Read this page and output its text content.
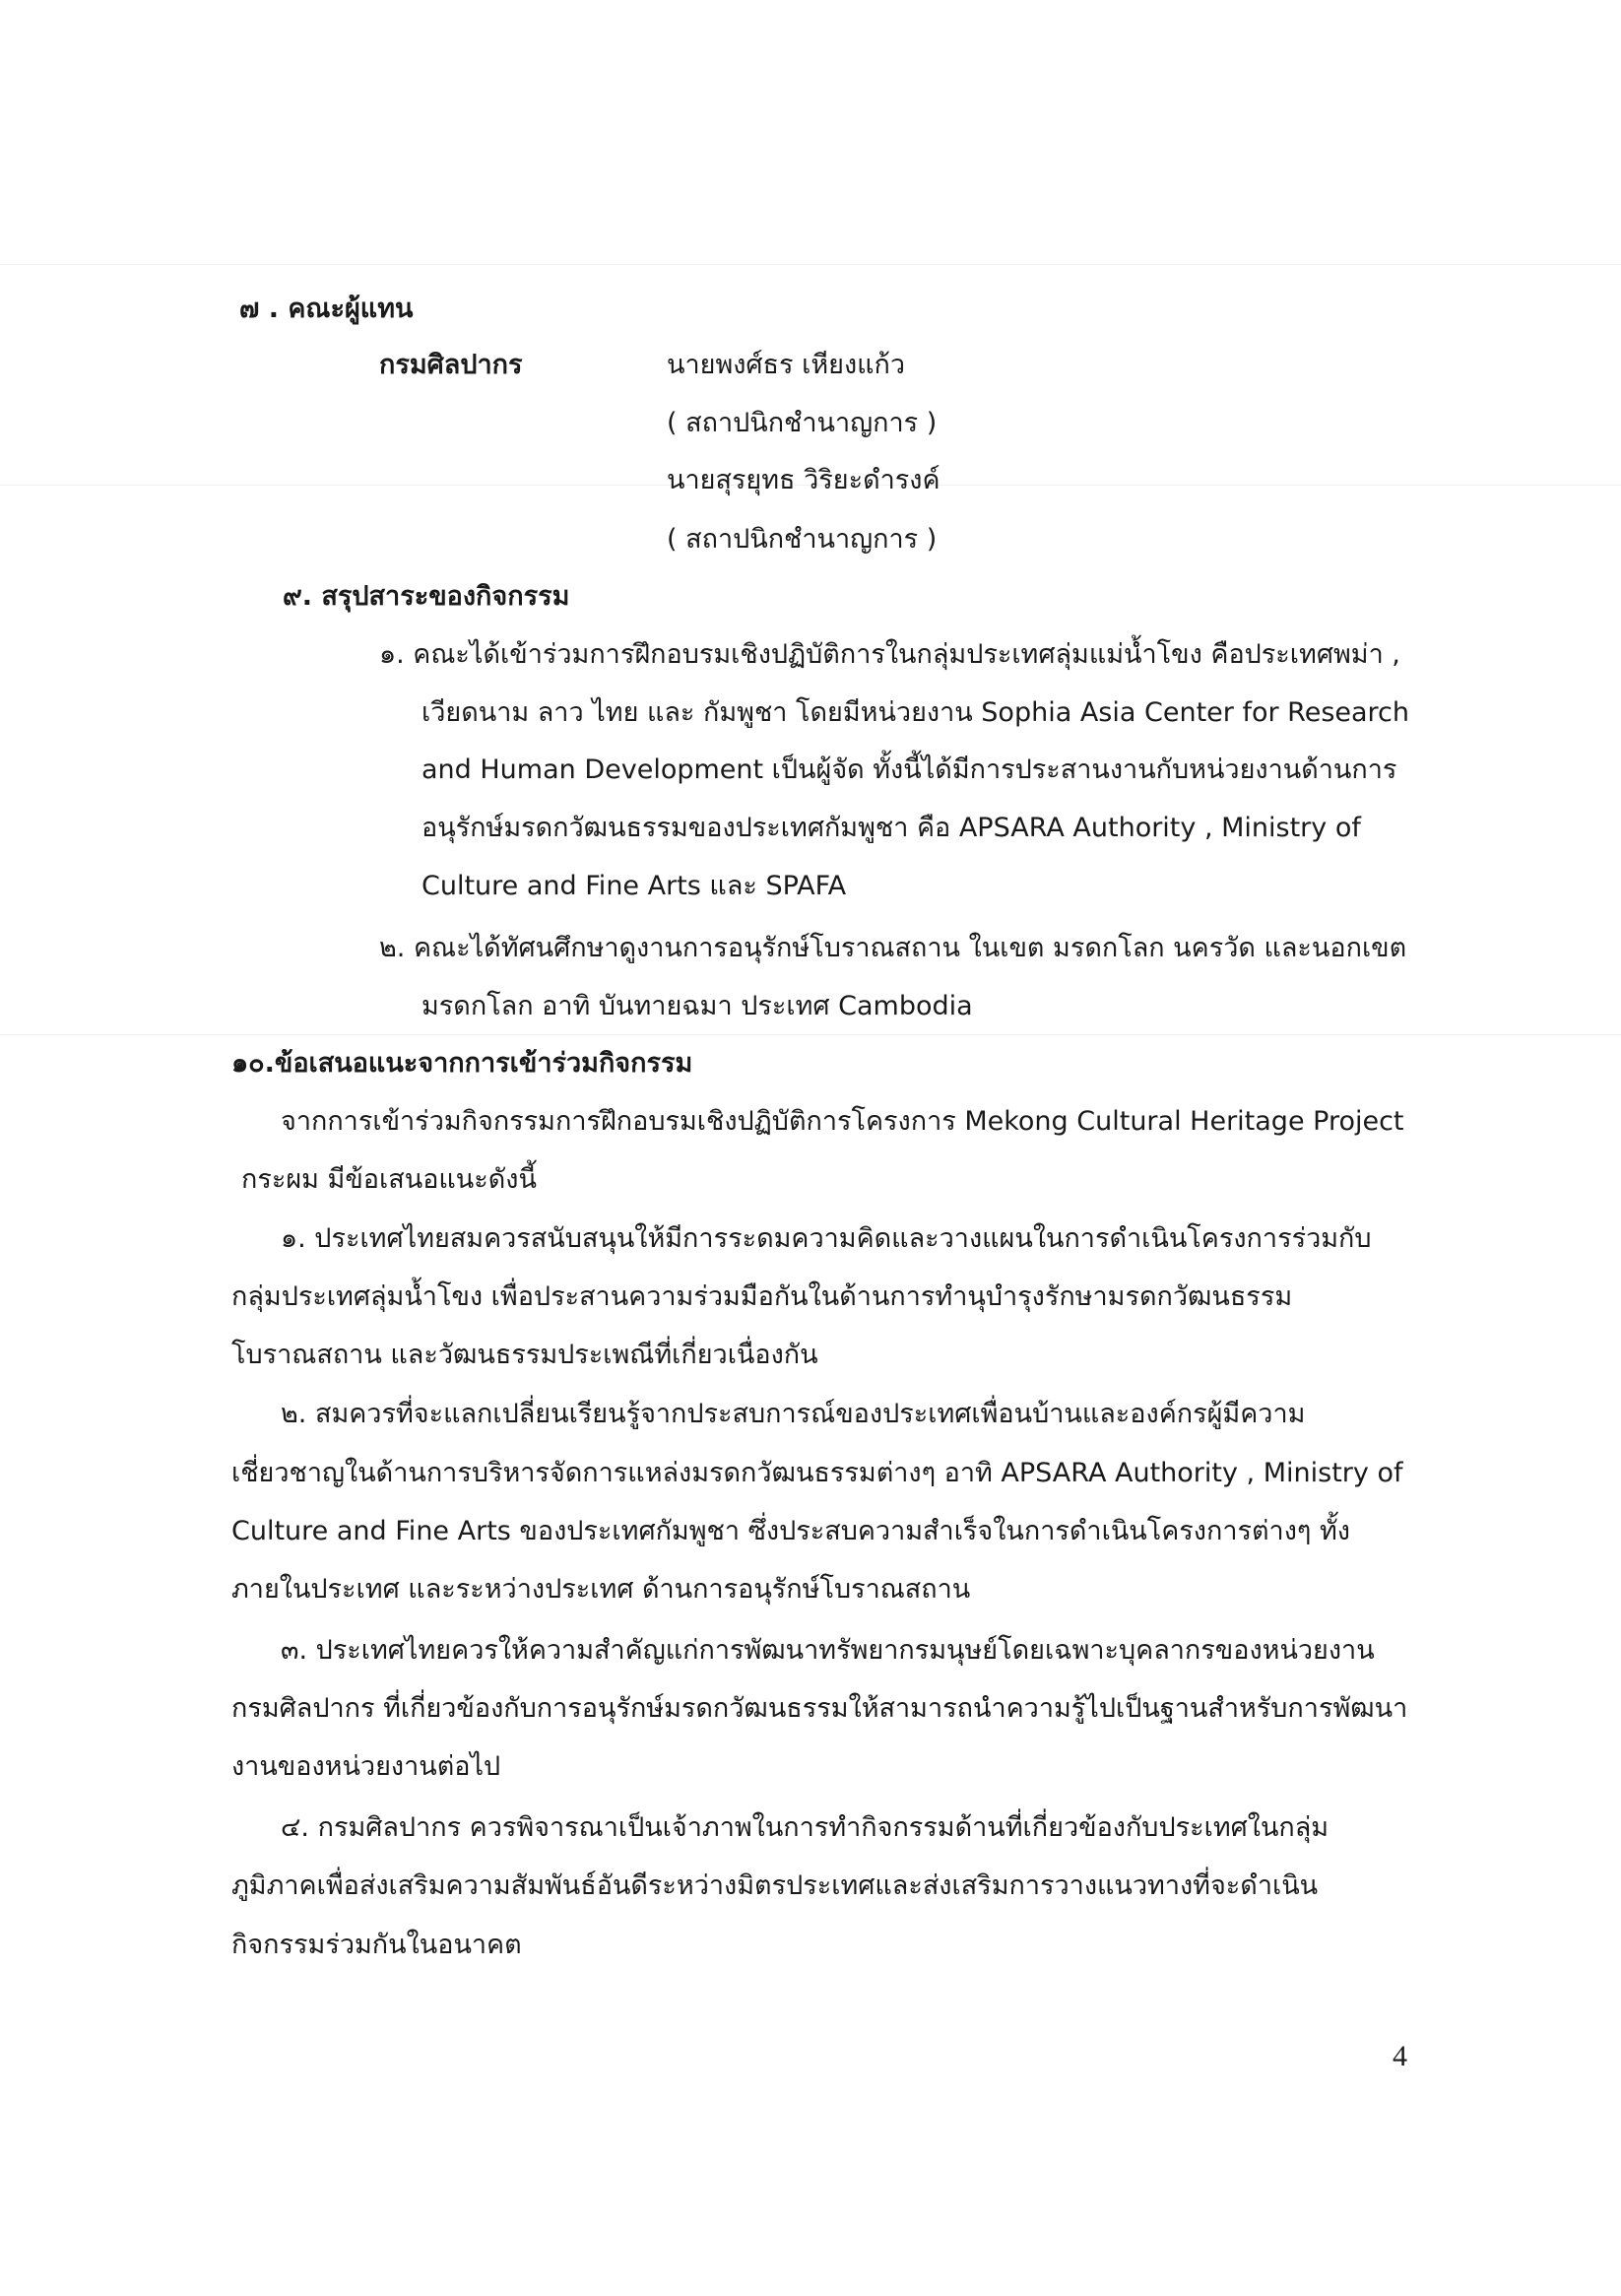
๗ . คณะผู้แทน
กรมศิลปากร	นายพงศ์ธร เหียงแก้ว
( สถาปนิกชำนาญการ )
นายสุรยุทธ วิริยะดำรงค์
( สถาปนิกชำนาญการ )
๙. สรุปสาระของกิจกรรม
๑. คณะได้เข้าร่วมการฝึกอบรมเชิงปฏิบัติการในกลุ่มประเทศลุ่มแม่น้ำโขง คือประเทศพม่า ,
เวียดนาม ลาว ไทย และ กัมพูชา โดยมีหน่วยงาน Sophia Asia Center for Research
and Human Development เป็นผู้จัด ทั้งนี้ได้มีการประสานงานกับหน่วยงานด้านการ
อนุรักษ์มรดกวัฒนธรรมของประเทศกัมพูชา คือ APSARA Authority , Ministry of
Culture and Fine Arts และ SPAFA
๒. คณะได้ทัศนศึกษาดูงานการอนุรักษ์โบราณสถาน ในเขต มรดกโลก นครวัด และนอกเขต
มรดกโลก อาทิ บันทายฉมา ประเทศ Cambodia
๑๐.ข้อเสนอแนะจากการเข้าร่วมกิจกรรม
จากการเข้าร่วมกิจกรรมการฝึกอบรมเชิงปฏิบัติการโครงการ Mekong Cultural Heritage Project
กระผม มีข้อเสนอแนะดังนี้
๑. ประเทศไทยสมควรสนับสนุนให้มีการระดมความคิดและวางแผนในการดำเนินโครงการร่วมกับ
กลุ่มประเทศลุ่มน้ำโขง เพื่อประสานความร่วมมือกันในด้านการทำนุบำรุงรักษามรดกวัฒนธรรม
โบราณสถาน และวัฒนธรรมประเพณีที่เกี่ยวเนื่องกัน
๒. สมควรที่จะแลกเปลี่ยนเรียนรู้จากประสบการณ์ของประเทศเพื่อนบ้านและองค์กรผู้มีความ
เชี่ยวชาญในด้านการบริหารจัดการแหล่งมรดกวัฒนธรรมต่างๆ อาทิ APSARA Authority , Ministry of
Culture and Fine Arts ของประเทศกัมพูชา ซึ่งประสบความสำเร็จในการดำเนินโครงการต่างๆ ทั้ง
ภายในประเทศ และระหว่างประเทศ ด้านการอนุรักษ์โบราณสถาน
๓. ประเทศไทยควรให้ความสำคัญแก่การพัฒนาทรัพยากรมนุษย์โดยเฉพาะบุคลากรของหน่วยงาน
กรมศิลปากร ที่เกี่ยวข้องกับการอนุรักษ์มรดกวัฒนธรรมให้สามารถนำความรู้ไปเป็นฐานสำหรับการพัฒนา
งานของหน่วยงานต่อไป
๔. กรมศิลปากร ควรพิจารณาเป็นเจ้าภาพในการทำกิจกรรมด้านที่เกี่ยวข้องกับประเทศในกลุ่ม
ภูมิภาคเพื่อส่งเสริมความสัมพันธ์อันดีระหว่างมิตรประเทศและส่งเสริมการวางแนวทางที่จะดำเนิน
กิจกรรมร่วมกันในอนาคต
4
